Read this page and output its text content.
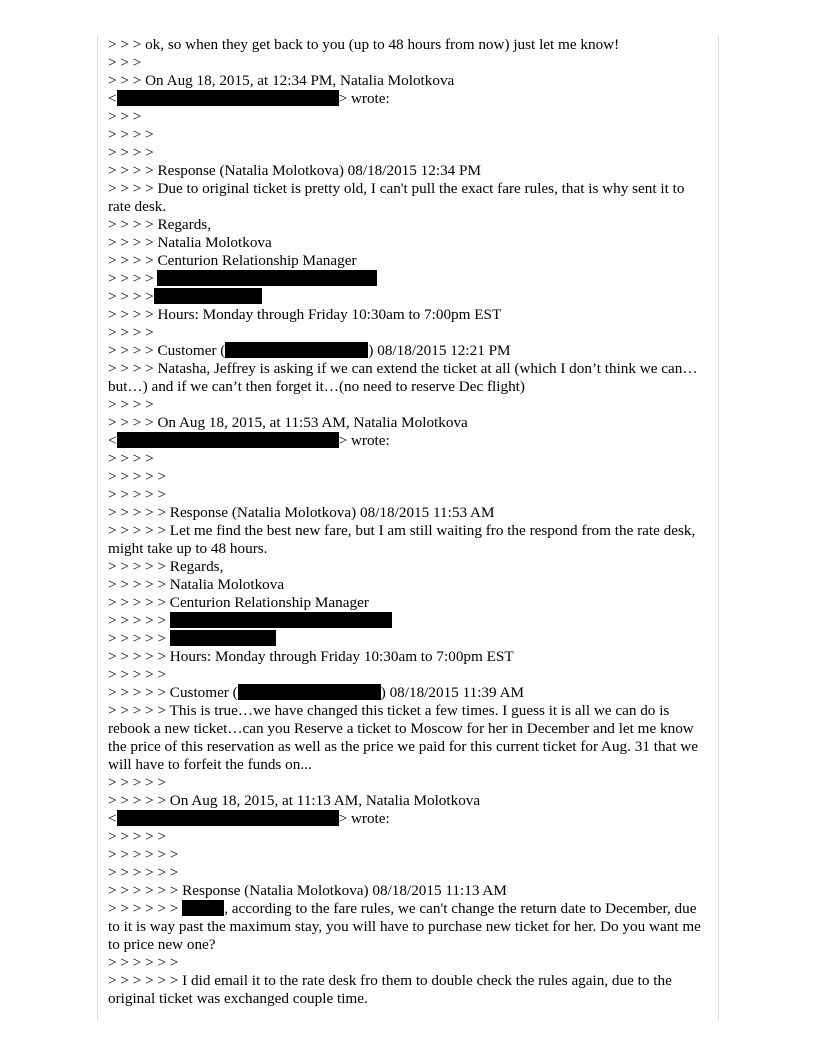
> > > ok, so when they get back to you (up to 48 hours from now) just let me know!
> > >
> > > On Aug 18, 2015, at 12:34 PM, Natalia Molotkova
<	> wrote:
> > >
> > > >
> > > >
> > > > Response (Natalia Molotkova) 08/18/2015 12:34 PM
> > > > Due to original ticket is pretty old, I can't pull the exact fare rules, that is why sent it to rate desk.
> > > > Regards,
> > > > Natalia Molotkova
> > > > Centurion Relationship Manager
> > > >
> > > >
> > > > Hours: Monday through Friday 10:30am to 7:00pm EST
> > > >
> > > > Customer (	) 08/18/2015 12:21 PM
> > > > Natasha, Jeffrey is asking if we can extend the ticket at all (which I don’t think we can…but…) and if we can’t then forget it…(no need to reserve Dec flight)
> > > >
> > > > On Aug 18, 2015, at 11:53 AM, Natalia Molotkova
<	> wrote:
> > > >
> > > > >
> > > > >
> > > > > Response (Natalia Molotkova) 08/18/2015 11:53 AM
> > > > > Let me find the best new fare, but I am still waiting fro the respond from the rate desk, might take up to 48 hours.
> > > > > Regards,
> > > > > Natalia Molotkova
> > > > > Centurion Relationship Manager
> > > > >
> > > > >
> > > > > Hours: Monday through Friday 10:30am to 7:00pm EST
> > > > >
> > > > > Customer (	) 08/18/2015 11:39 AM
> > > > > This is true…we have changed this ticket a few times. I guess it is all we can do is rebook a new ticket…can you Reserve a ticket to Moscow for her in December and let me know the price of this reservation as well as the price we paid for this current ticket for Aug. 31 that we will have to forfeit the funds on...
> > > > >
> > > > > On Aug 18, 2015, at 11:13 AM, Natalia Molotkova
<	> wrote:
> > > > >
> > > > > >
> > > > > >
> > > > > > Response (Natalia Molotkova) 08/18/2015 11:13 AM
> > > > > >	, according to the fare rules, we can't change the return date to December, due to it is way past the maximum stay, you will have to purchase new ticket for her. Do you want me to price new one?
> > > > > >
> > > > > > I did email it to the rate desk fro them to double check the rules again, due to the original ticket was exchanged couple time.
